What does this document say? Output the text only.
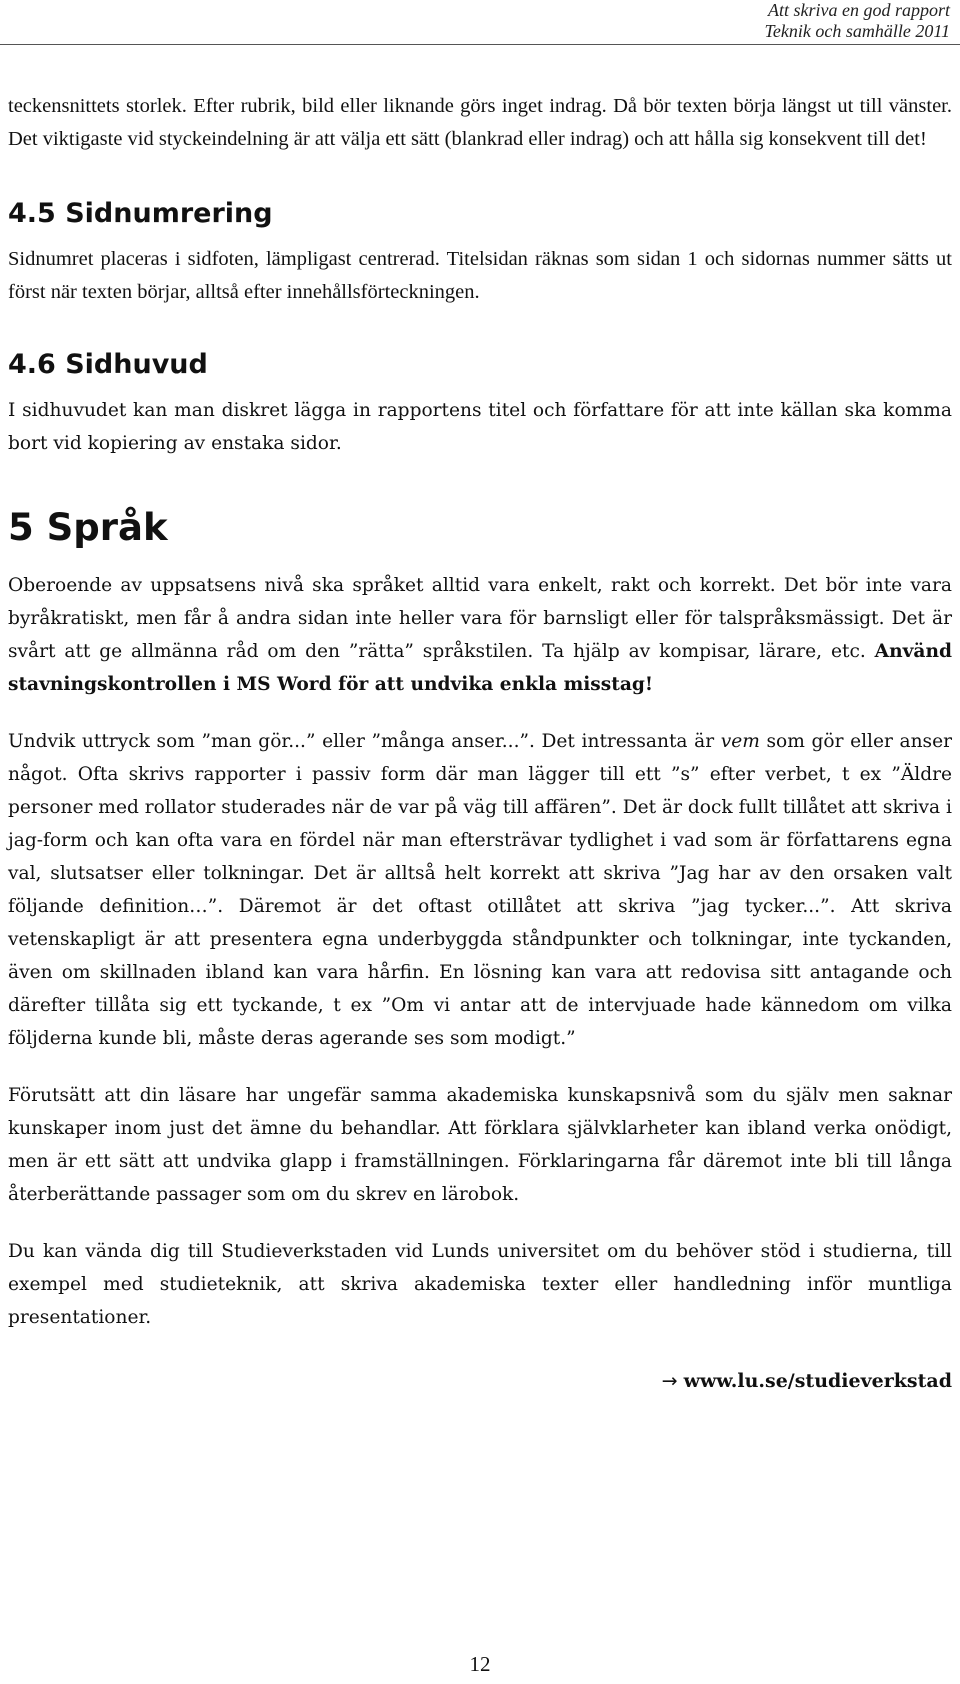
Att skriva en god rapport
Teknik och samhälle 2011

teckensnittets storlek. Efter rubrik, bild eller liknande görs inget indrag. Då bör texten börja längst ut till vänster. Det viktigaste vid styckeindelning är att välja ett sätt (blankrad eller indrag) och att hålla sig konsekvent till det!

4.5 Sidnumrering

Sidnumret placeras i sidfoten, lämpligast centrerad. Titelsidan räknas som sidan 1 och sidornas nummer sätts ut först när texten börjar, alltså efter innehållsförteckningen.

4.6 Sidhuvud

I sidhuvudet kan man diskret lägga in rapportens titel och författare för att inte källan ska komma bort vid kopiering av enstaka sidor.

5 Språk

Oberoende av uppsatsens nivå ska språket alltid vara enkelt, rakt och korrekt. Det bör inte vara byråkratiskt, men får å andra sidan inte heller vara för barnsligt eller för talspråksmässigt. Det är svårt att ge allmänna råd om den ”rätta” språkstilen. Ta hjälp av kompisar, lärare, etc. Använd stavningskontrollen i MS Word för att undvika enkla misstag!

Undvik uttryck som ”man gör...” eller ”många anser...”. Det intressanta är vem som gör eller anser något. Ofta skrivs rapporter i passiv form där man lägger till ett ”s” efter verbet, t ex ”Äldre personer med rollator studerades när de var på väg till affären”. Det är dock fullt tillåtet att skriva i jag-form och kan ofta vara en fördel när man eftersträvar tydlighet i vad som är författarens egna val, slutsatser eller tolkningar. Det är alltså helt korrekt att skriva ”Jag har av den orsaken valt följande definition…”. Däremot är det oftast otillåtet att skriva ”jag tycker...”. Att skriva vetenskapligt är att presentera egna underbyggda ståndpunkter och tolkningar, inte tyckanden, även om skillnaden ibland kan vara hårfin. En lösning kan vara att redovisa sitt antagande och därefter tillåta sig ett tyckande, t ex ”Om vi antar att de intervjuade hade kännedom om vilka följderna kunde bli, måste deras agerande ses som modigt.”

Förutsätt att din läsare har ungefär samma akademiska kunskapsnivå som du själv men saknar kunskaper inom just det ämne du behandlar. Att förklara självklarheter kan ibland verka onödigt, men är ett sätt att undvika glapp i framställningen. Förklaringarna får däremot inte bli till långa återberättande passager som om du skrev en lärobok.

Du kan vända dig till Studieverkstaden vid Lunds universitet om du behöver stöd i studierna, till exempel med studieteknik, att skriva akademiska texter eller handledning inför muntliga presentationer.

→ www.lu.se/studieverkstad
12
